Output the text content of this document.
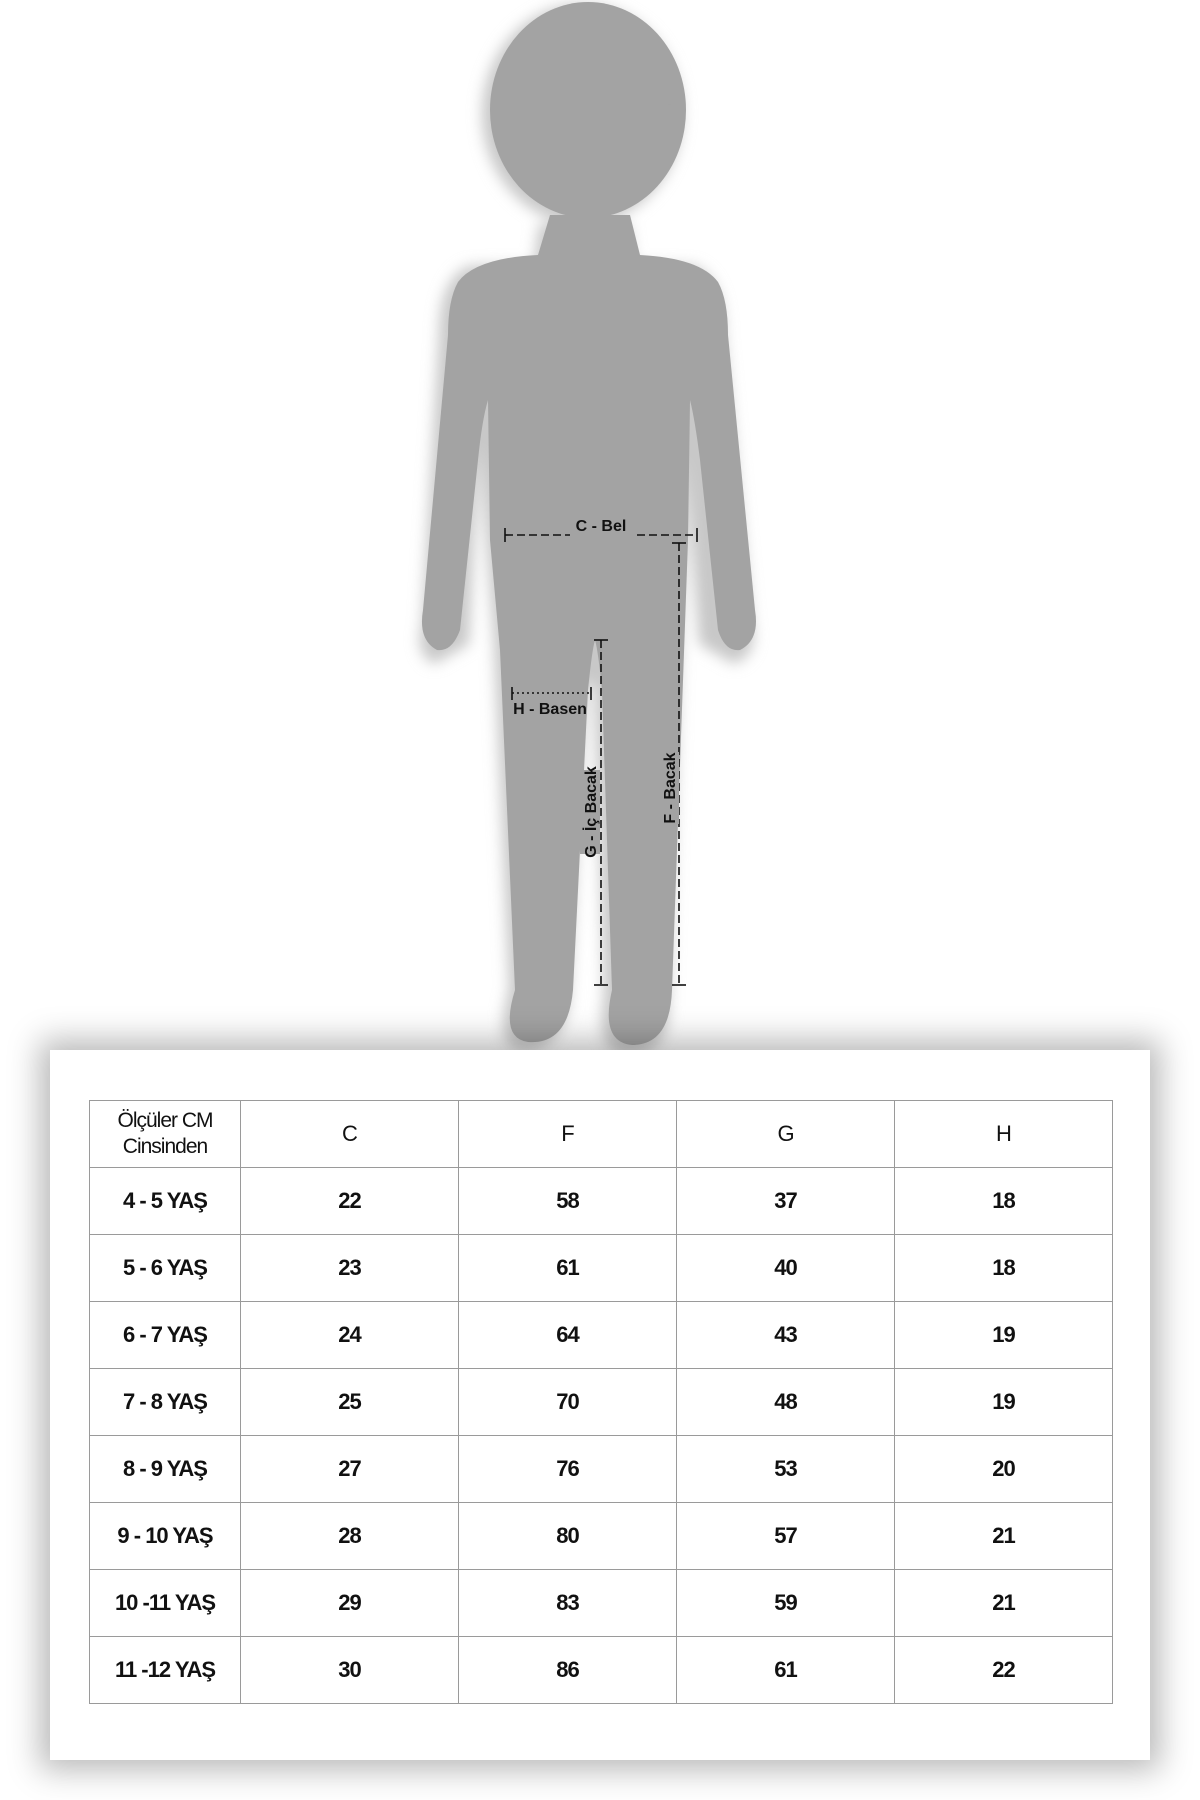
C - Bel
H - Basen
G - İç Bacak	F - Bacak
Ölçüler CM
Cinsinden	C	F	G	H
4 - 5 YAŞ	22	58	37	18
5 - 6 YAŞ	23	61	40	18
6 - 7 YAŞ	24	64	43	19
7 - 8 YAŞ	25	70	48	19
8 - 9 YAŞ	27	76	53	20
9 - 10 YAŞ	28	80	57	21
10 -11 YAŞ	29	83	59	21
11 -12 YAŞ	30	86	61	22
